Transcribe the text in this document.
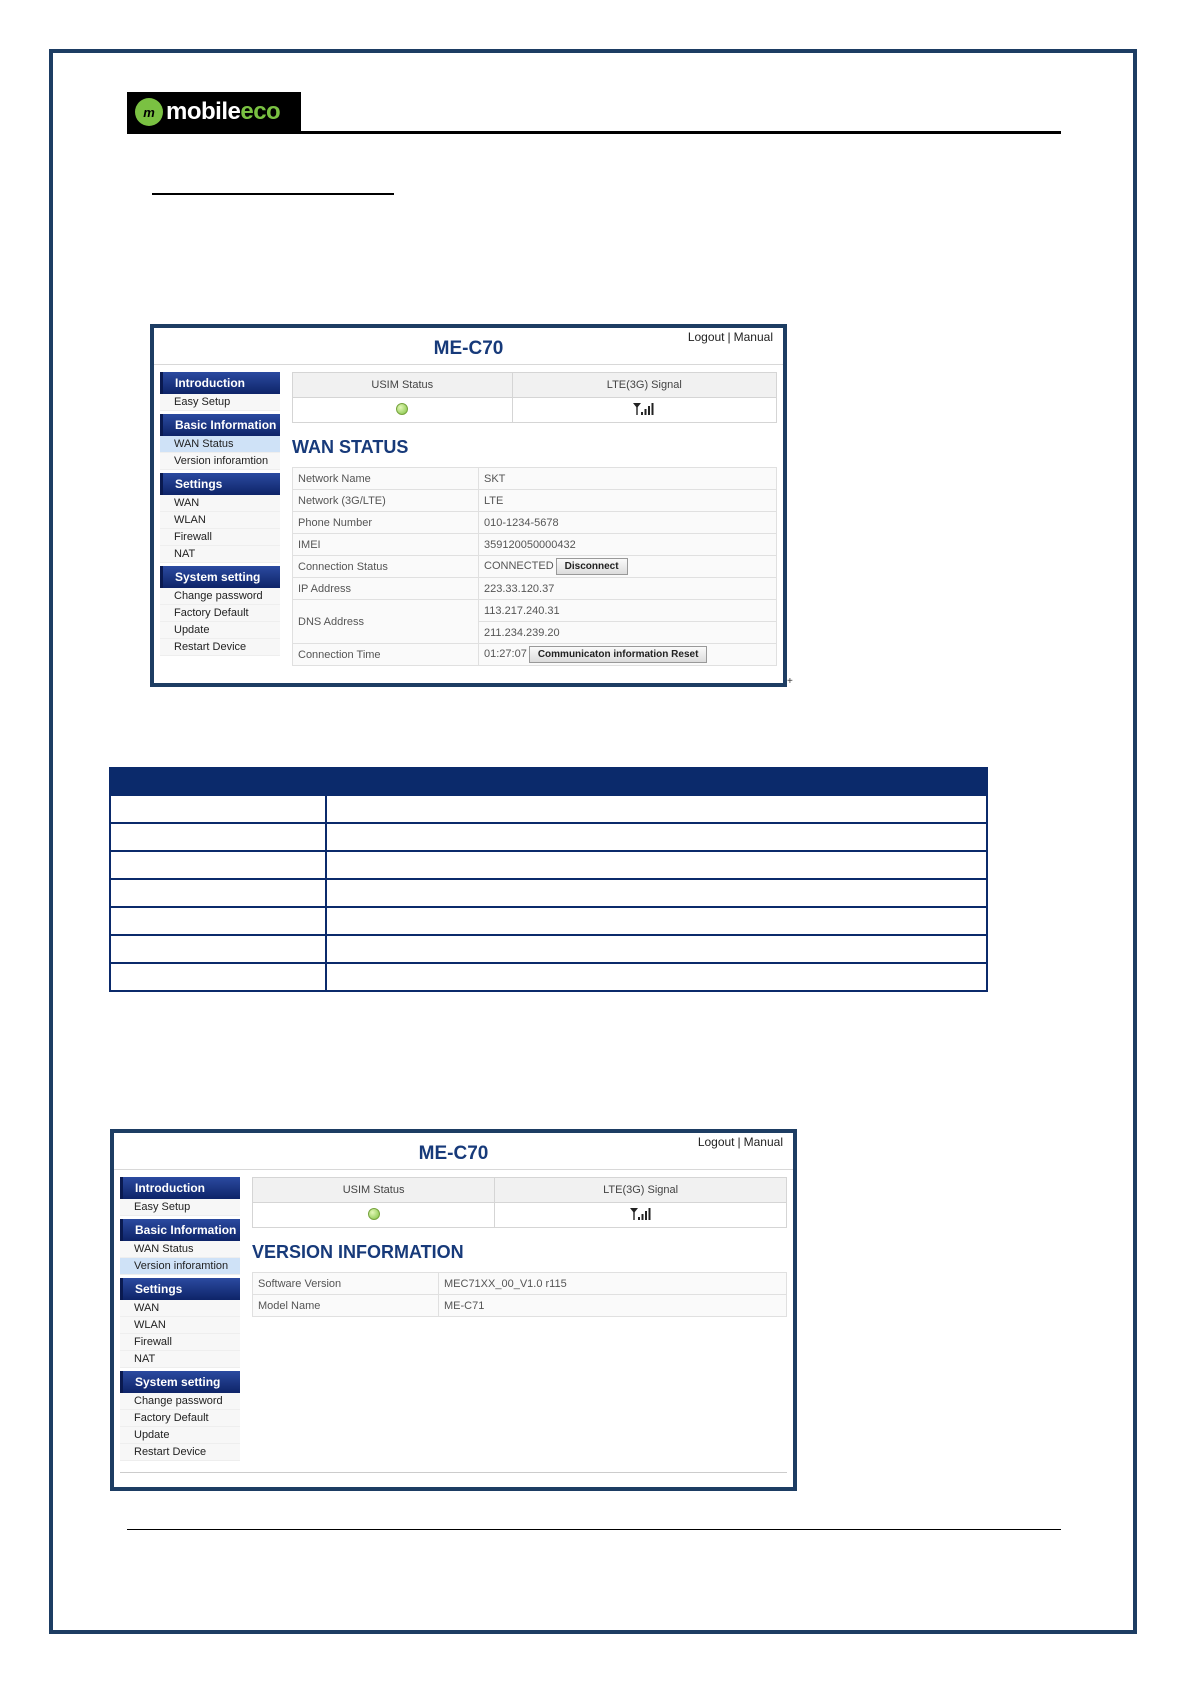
m mobileeco
ME-C70
Logout | Manual
Introduction
Easy Setup
Basic Information
WAN Status
Version inforamtion
Settings
WAN
WLAN
Firewall
NAT
System setting
Change password
Factory Default
Update
Restart Device
USIM Status	LTE(3G) Signal

WAN STATUS
Network Name	SKT
Network (3G/LTE)	LTE
Phone Number	010-1234-5678
IMEI	359120050000432
Connection Status	CONNECTED Disconnect
IP Address	223.33.120.37
DNS Address	113.217.240.31
	211.234.239.20
Connection Time	01:27:07 Communicaton information Reset
+

ME-C70
Logout | Manual
Introduction
Easy Setup
Basic Information
WAN Status
Version inforamtion
Settings
WAN
WLAN
Firewall
NAT
System setting
Change password
Factory Default
Update
Restart Device
USIM Status	LTE(3G) Signal

VERSION INFORMATION
Software Version	MEC71XX_00_V1.0 r115
Model Name	ME-C71
